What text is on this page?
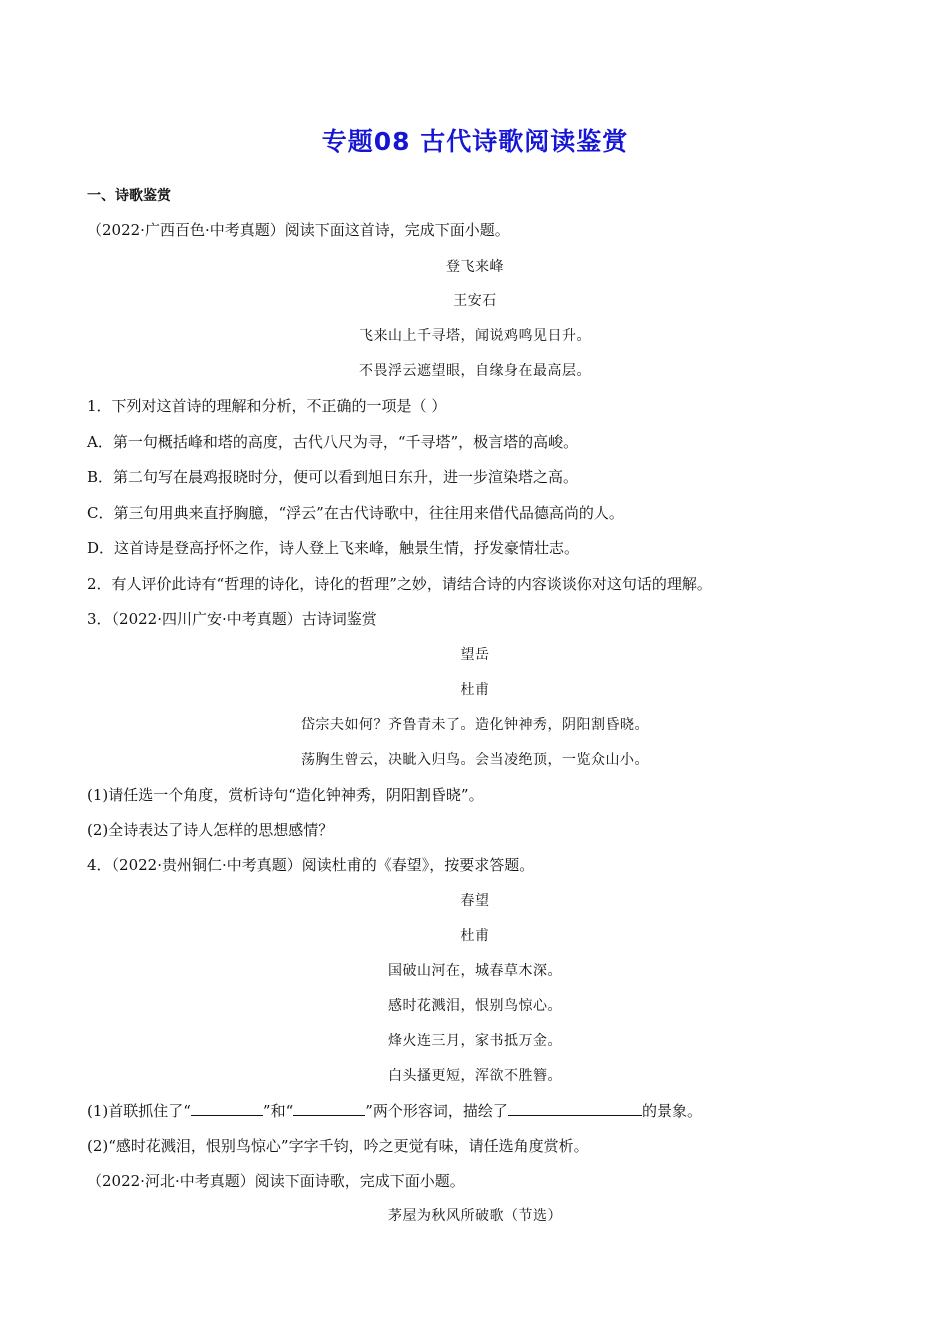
专题08 古代诗歌阅读鉴赏
一、诗歌鉴赏
（2022·广西百色·中考真题）阅读下面这首诗，完成下面小题。
登飞来峰
王安石
飞来山上千寻塔，闻说鸡鸣见日升。
不畏浮云遮望眼，自缘身在最高层。
1．下列对这首诗的理解和分析，不正确的一项是（ ）
A．第一句概括峰和塔的高度，古代八尺为寻，“千寻塔”，极言塔的高峻。
B．第二句写在晨鸡报晓时分，便可以看到旭日东升，进一步渲染塔之高。
C．第三句用典来直抒胸臆，“浮云”在古代诗歌中，往往用来借代品德高尚的人。
D．这首诗是登高抒怀之作，诗人登上飞来峰，触景生情，抒发豪情壮志。
2．有人评价此诗有“哲理的诗化，诗化的哲理”之妙，请结合诗的内容谈谈你对这句话的理解。
3．（2022·四川广安·中考真题）古诗词鉴赏
望岳
杜甫
岱宗夫如何？齐鲁青未了。造化钟神秀，阴阳割昏晓。
荡胸生曾云，决眦入归鸟。会当凌绝顶，一览众山小。
(1)请任选一个角度，赏析诗句“造化钟神秀，阴阳割昏晓”。
(2)全诗表达了诗人怎样的思想感情？
4．（2022·贵州铜仁·中考真题）阅读杜甫的《春望》，按要求答题。
春望
杜甫
国破山河在，城春草木深。
感时花溅泪，恨别鸟惊心。
烽火连三月，家书抵万金。
白头搔更短，浑欲不胜簪。
(1)首联抓住了“	”和“	”两个形容词，描绘了	的景象。
(2)“感时花溅泪，恨别鸟惊心”字字千钧，吟之更觉有味，请任选角度赏析。
（2022·河北·中考真题）阅读下面诗歌，完成下面小题。
茅屋为秋风所破歌（节选）
